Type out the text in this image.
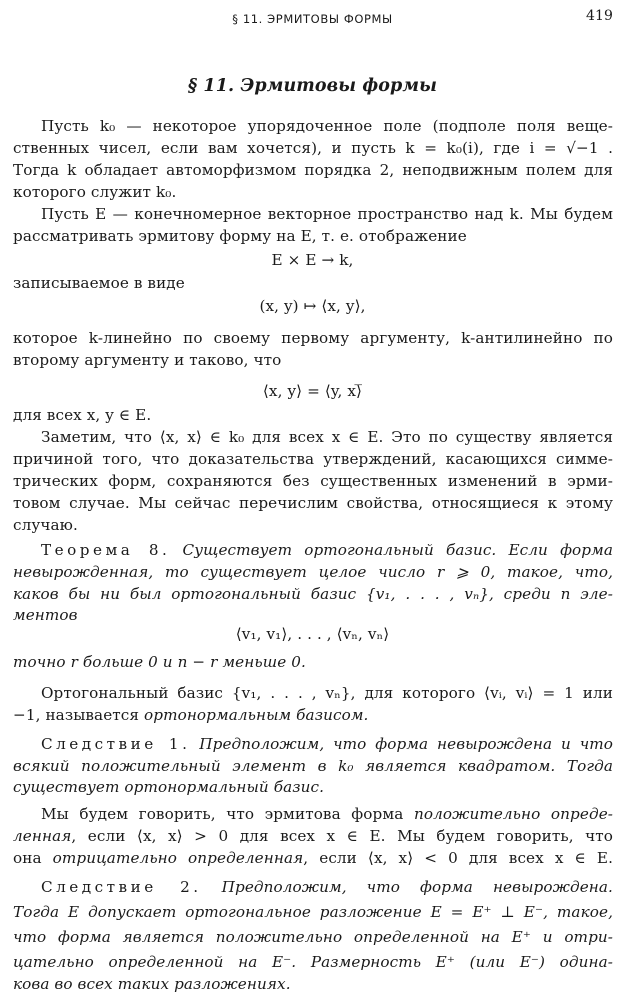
§ 11. ЭРМИТОВЫ ФОРМЫ	419
§ 11. Эрмитовы формы
Пусть k₀ — некоторое упорядоченное поле (подполе поля веще-
ственных чисел, если вам хочется), и пусть k = k₀(i), где i = √−1 .
Тогда k обладает автоморфизмом порядка 2, неподвижным полем для
которого служит k₀.
Пусть E — конечномерное векторное пространство над k. Мы будем
рассматривать эрмитову форму на E, т. е. отображение
E × E → k,
записываемое в виде
(x, y) ↦ ⟨x, y⟩,
которое k-линейно по своему первому аргументу, k-антилинейно по
второму аргументу и таково, что
⟨x, y⟩ = ⟨y, x⟩̅
для всех x, y ∈ E.
Заметим, что ⟨x, x⟩ ∈ k₀ для всех x ∈ E. Это по существу является
причиной того, что доказательства утверждений, касающихся симме-
трических форм, сохраняются без существенных изменений в эрми-
товом случае. Мы сейчас перечислим свойства, относящиеся к этому
случаю.
Теорема 8. Существует ортогональный базис. Если форма
невырожденная, то существует целое число r ⩾ 0, такое, что,
каков бы ни был ортогональный базис {v₁, . . . , vₙ}, среди n эле-
ментов
⟨v₁, v₁⟩, . . . , ⟨vₙ, vₙ⟩
точно r больше 0 и n − r меньше 0.
Ортогональный базис {v₁, . . . , vₙ}, для которого ⟨vᵢ, vᵢ⟩ = 1 или
−1, называется ортонормальным базисом.
Следствие 1. Предположим, что форма невырождена и что
всякий положительный элемент в k₀ является квадратом. Тогда
существует ортонормальный базис.
Мы будем говорить, что эрмитова форма положительно опреде-
ленная, если ⟨x, x⟩ > 0 для всех x ∈ E. Мы будем говорить, что
она отрицательно определенная, если ⟨x, x⟩ < 0 для всех x ∈ E.
Следствие 2. Предположим, что форма невырождена.
Тогда E допускает ортогональное разложение E = E⁺ ⊥ E⁻, такое,
что форма является положительно определенной на E⁺ и отри-
цательно определенной на E⁻. Размерность E⁺ (или E⁻) одина-
кова во всех таких разложениях.
